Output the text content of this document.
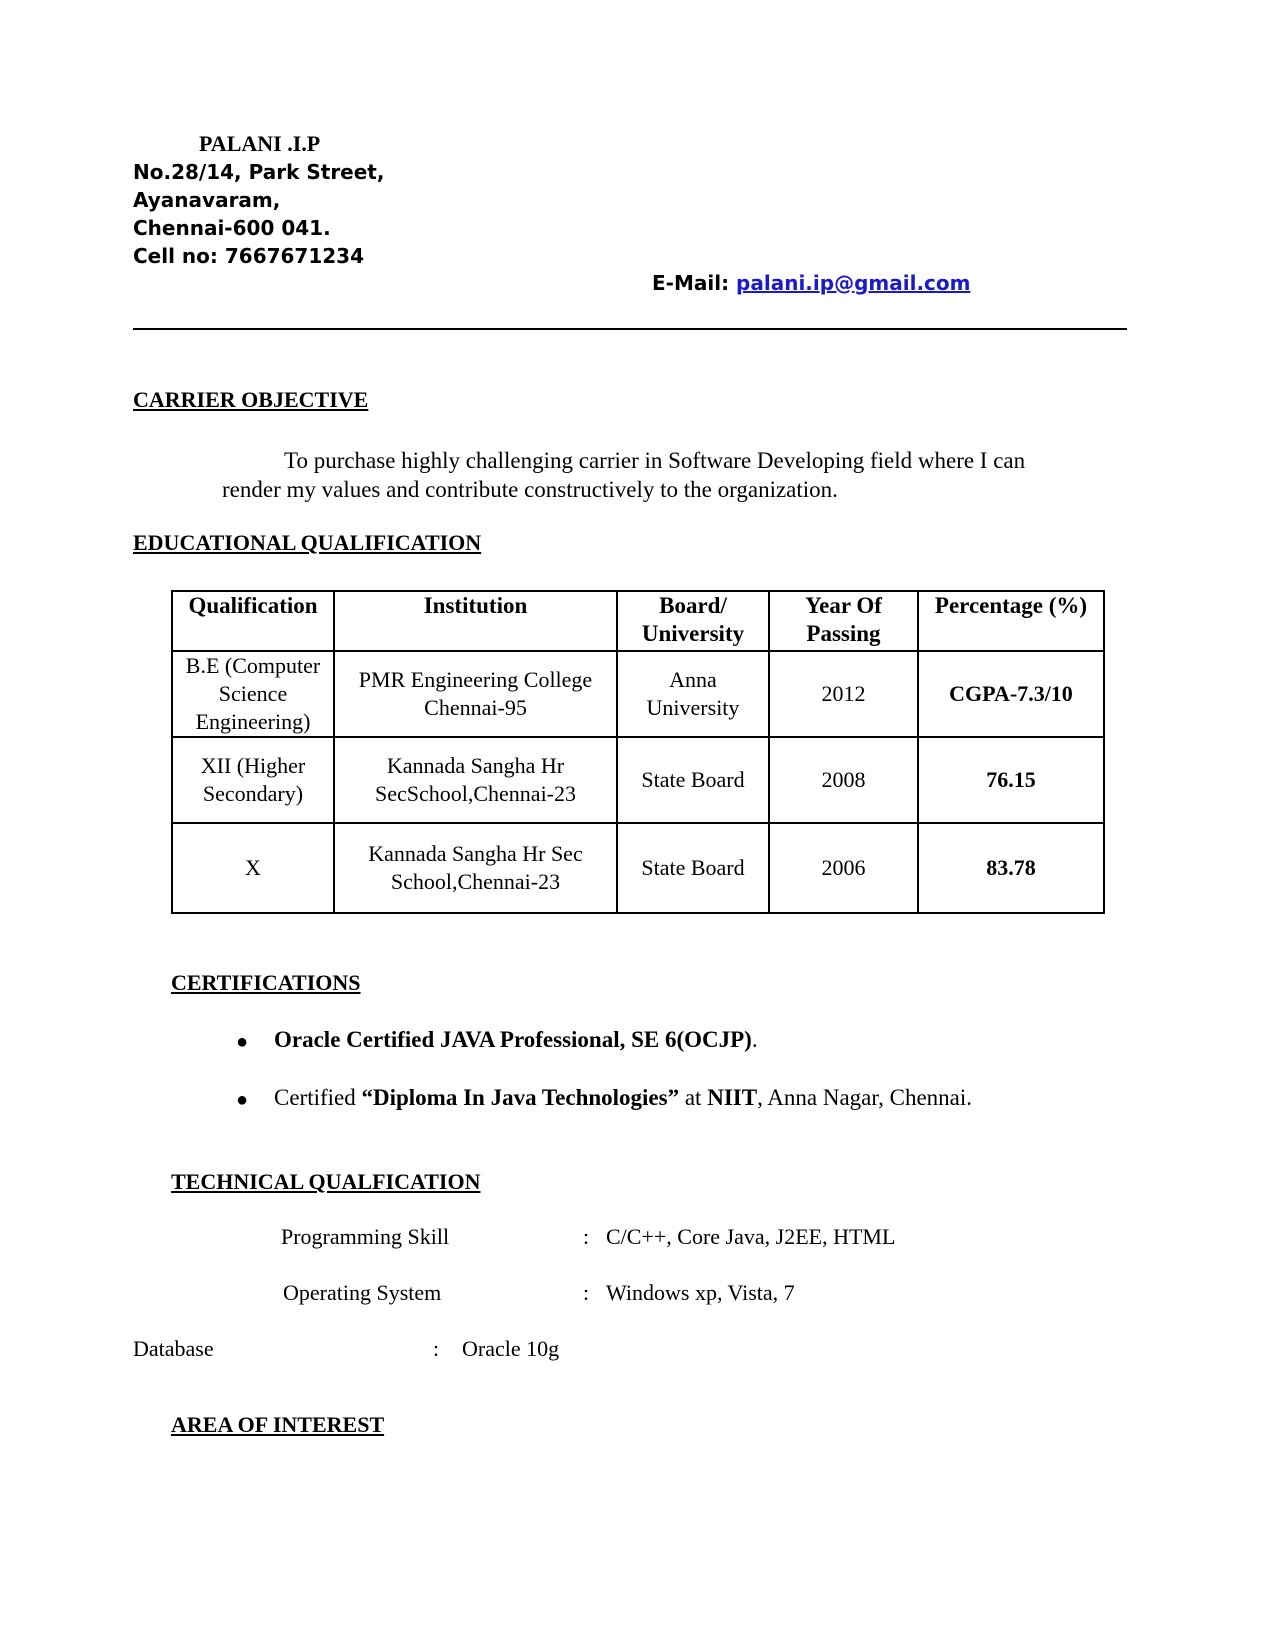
PALANI .I.P
No.28/14, Park Street,
Ayanavaram,
Chennai-600 041.
Cell no: 7667671234
E-Mail: palani.ip@gmail.com
CARRIER OBJECTIVE
To purchase highly challenging carrier in Software Developing field where I can
render my values and contribute constructively to the organization.
EDUCATIONAL QUALIFICATION
Qualification	Institution	Board/ University	Year Of Passing	Percentage (%)
B.E (Computer Science Engineering)	PMR Engineering College Chennai-95	Anna University	2012	CGPA-7.3/10
XII (Higher Secondary)	Kannada Sangha Hr SecSchool,Chennai-23	State Board	2008	76.15
X	Kannada Sangha Hr Sec School,Chennai-23	State Board	2006	83.78
CERTIFICATIONS
●	Oracle Certified JAVA Professional, SE 6(OCJP).
●	Certified “Diploma In Java Technologies” at NIIT, Anna Nagar, Chennai.
TECHNICAL QUALFICATION
Programming Skill	: C/C++, Core Java, J2EE, HTML
Operating System	: Windows xp, Vista, 7
Database	: Oracle 10g
AREA OF INTEREST
